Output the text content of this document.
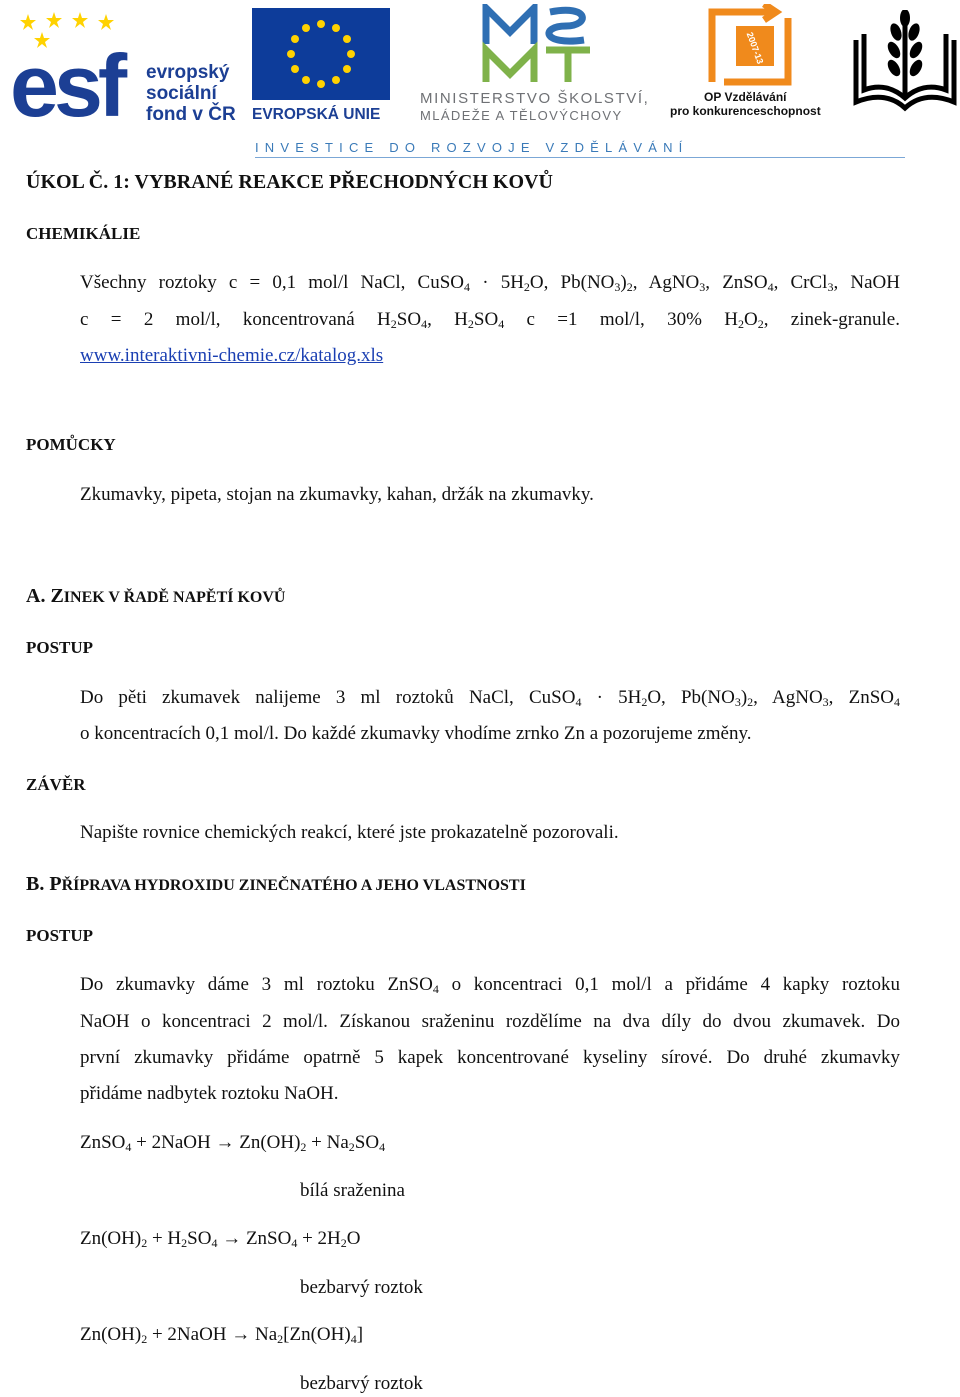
esf evropský
sociální
fond v ČR EVROPSKÁ UNIE
MINISTERSTVO ŠKOLSTVÍ,
MLÁDEŽE A TĚLOVÝCHOVY
2007-13
OP Vzdělávání
pro konkurenceschopnost
INVESTICE DO ROZVOJE VZDĚLÁVÁNÍ
ÚKOL Č. 1: VYBRANÉ REAKCE PŘECHODNÝCH KOVŮ
CHEMIKÁLIE
Všechny roztoky c = 0,1 mol/l NaCl, CuSO$_4$ · $5H_2O$, $Pb(NO_3)_2$, AgNO$_3$, ZnSO$_4$, CrCl$_3$, NaOH
c = 2 mol/l, koncentrovaná $H_2SO_4$, $H_2SO_4$ c =1 mol/l, 30% $H_2O_2$, zinek-granule.
www.interaktivni-chemie.cz/katalog.xls
POMŮCKY
Zkumavky, pipeta, stojan na zkumavky, kahan, držák na zkumavky.
A. ZINEK V ŘADĚ NAPĚTÍ KOVŮ
POSTUP
Do pěti zkumavek nalijeme 3 ml roztoků NaCl, CuSO$_4$ · $5H_2O$, $Pb(NO_3)_2$, AgNO$_3$, ZnSO$_4$
o koncentracích 0,1 mol/l. Do každé zkumavky vhodíme zrnko Zn a pozorujeme změny.
ZÁVĚR
Napište rovnice chemických reakcí, které jste prokazatelně pozorovali.
B. PŘÍPRAVA HYDROXIDU ZINEČNATÉHO A JEHO VLASTNOSTI
POSTUP
Do zkumavky dáme 3 ml roztoku ZnSO$_4$ o koncentraci 0,1 mol/l a přidáme 4 kapky roztoku
NaOH o koncentraci 2 mol/l. Získanou sraženinu rozdělíme na dva díly do dvou zkumavek. Do
první zkumavky přidáme opatrně 5 kapek koncentrované kyseliny sírové. Do druhé zkumavky
přidáme nadbytek roztoku NaOH.
ZnSO$_4$ + 2NaOH → $Zn(OH)_2 + Na_2SO_4$
bílá sraženina
$Zn(OH)_2 + H_2SO_4$ → ZnSO$_4$ + $2H_2O$
bezbarvý roztok
$Zn(OH)_2$ + 2NaOH → $Na_2[Zn(OH)_4]$
bezbarvý roztok
